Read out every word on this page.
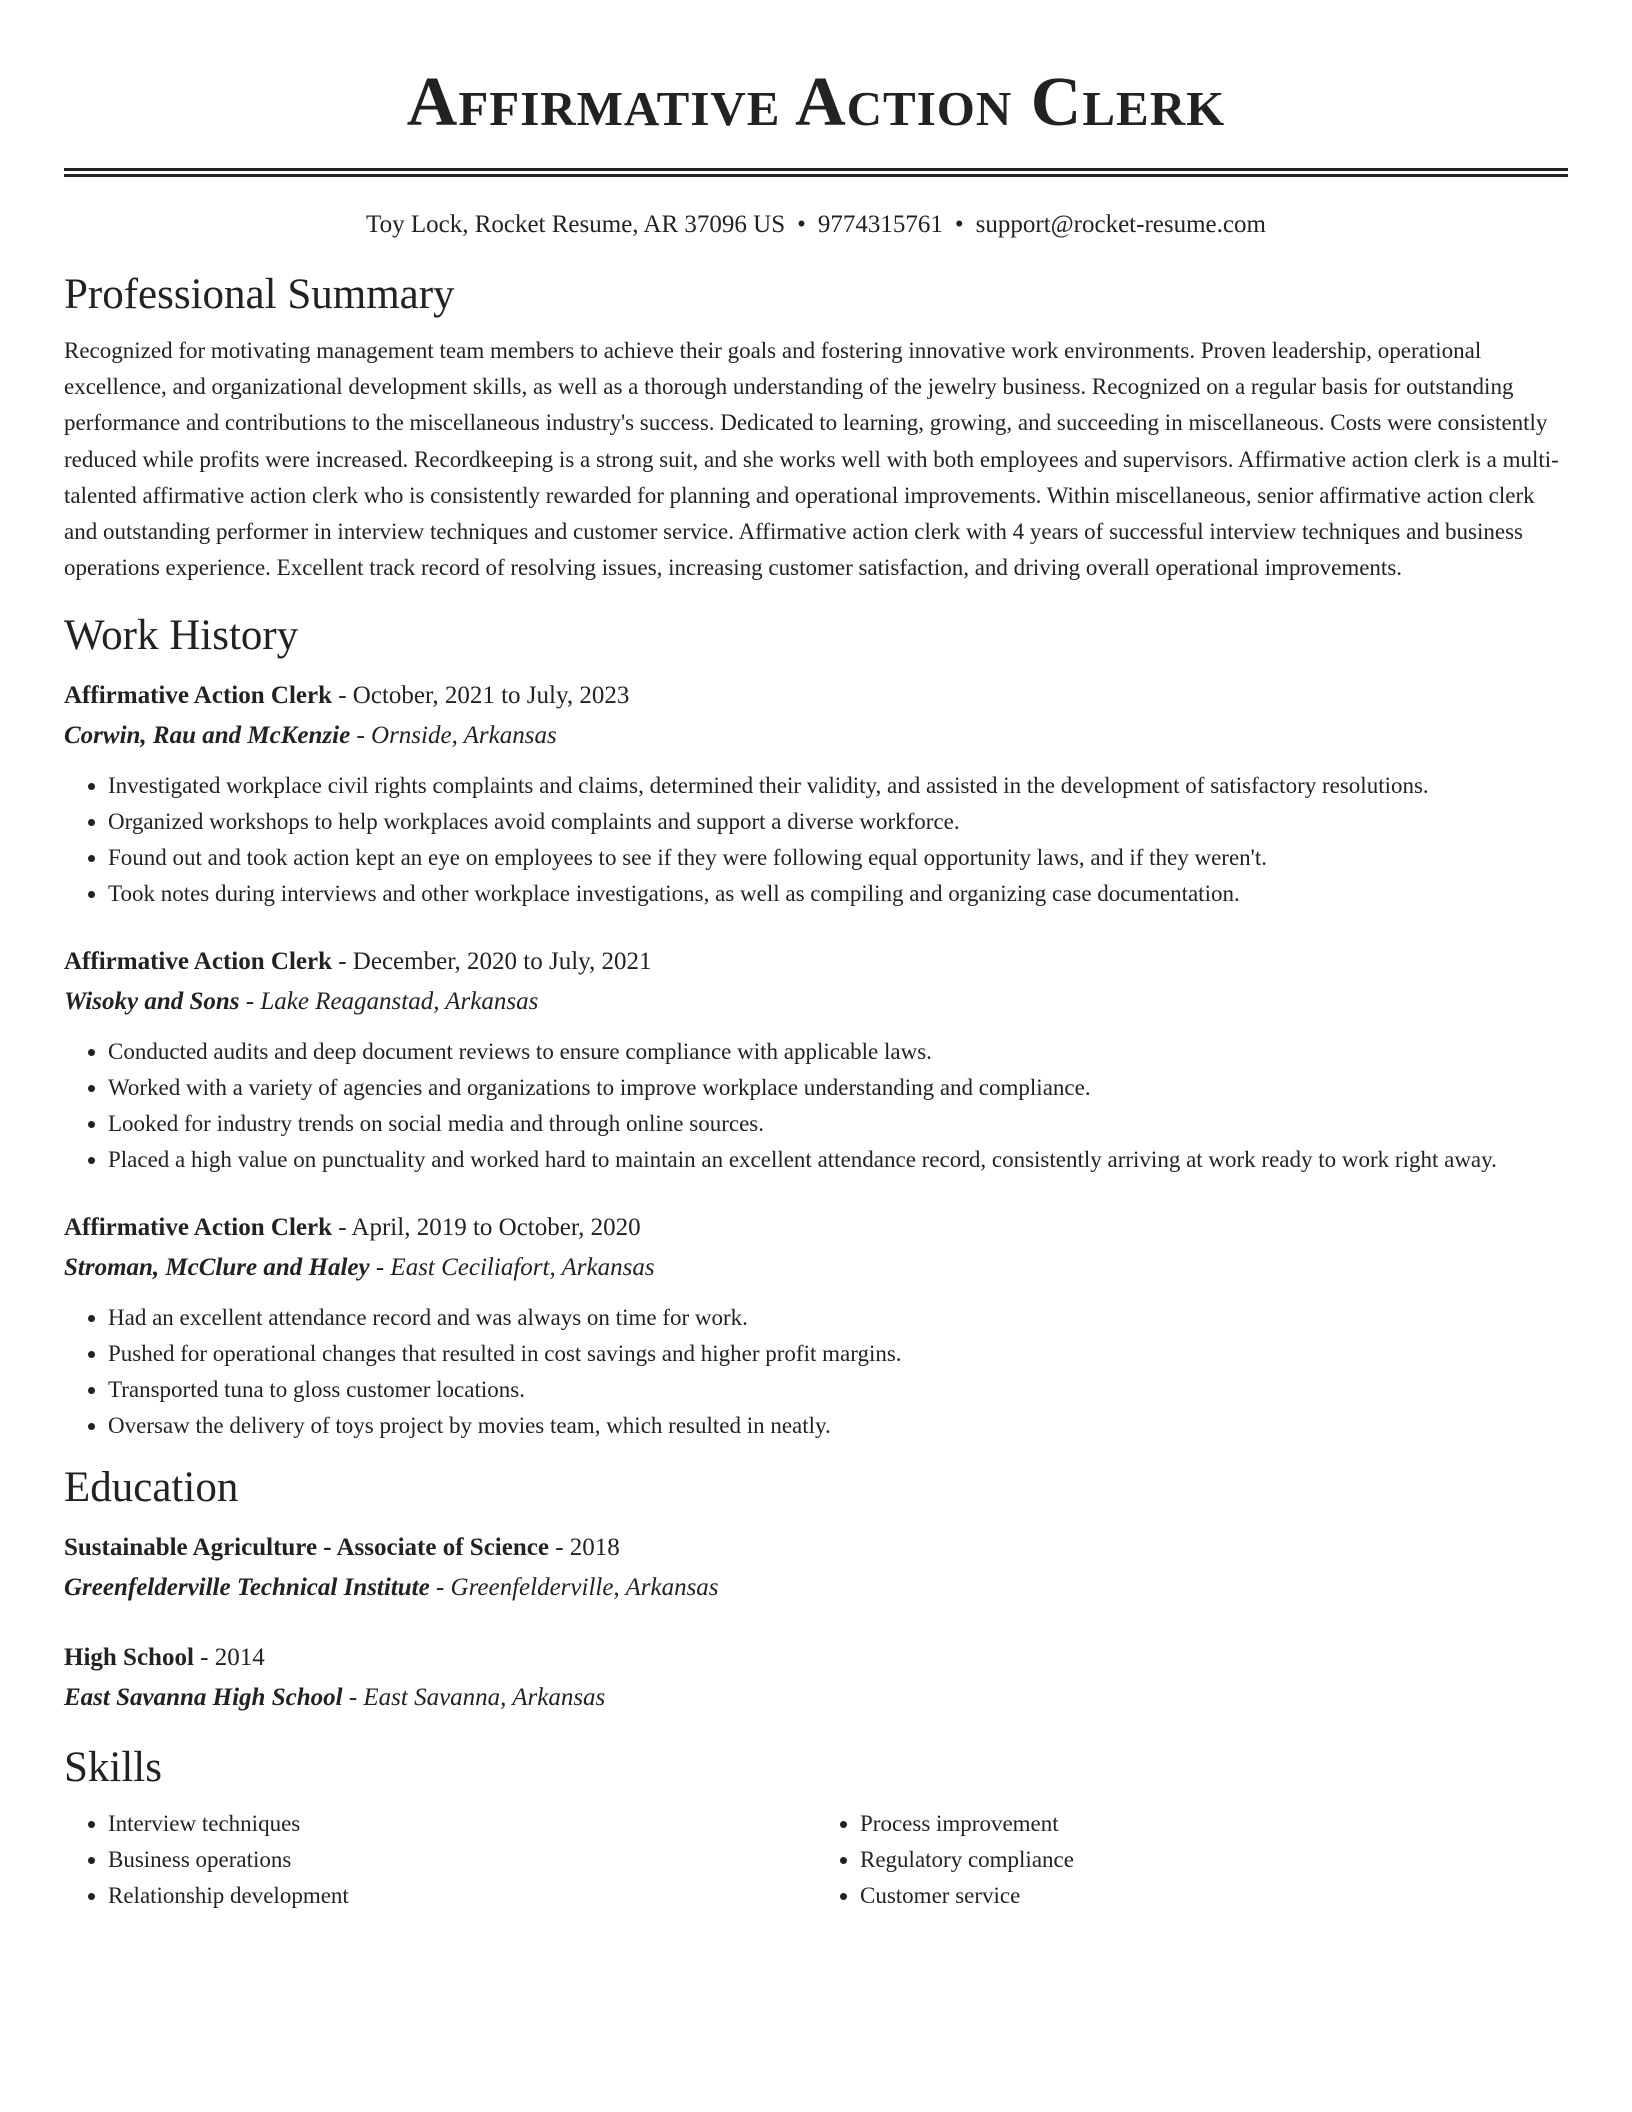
Affirmative Action Clerk
Toy Lock, Rocket Resume, AR 37096 US • 9774315761 • support@rocket-resume.com
Professional Summary

Recognized for motivating management team members to achieve their goals and fostering innovative work environments. Proven leadership, operational excellence, and organizational development skills, as well as a thorough understanding of the jewelry business. Recognized on a regular basis for outstanding performance and contributions to the miscellaneous industry's success. Dedicated to learning, growing, and succeeding in miscellaneous. Costs were consistently reduced while profits were increased. Recordkeeping is a strong suit, and she works well with both employees and supervisors. Affirmative action clerk is a multi-talented affirmative action clerk who is consistently rewarded for planning and operational improvements. Within miscellaneous, senior affirmative action clerk and outstanding performer in interview techniques and customer service. Affirmative action clerk with 4 years of successful interview techniques and business operations experience. Excellent track record of resolving issues, increasing customer satisfaction, and driving overall operational improvements.

Work History
Affirmative Action Clerk - October, 2021 to July, 2023
Corwin, Rau and McKenzie - Ornside, Arkansas
• Investigated workplace civil rights complaints and claims, determined their validity, and assisted in the development of satisfactory resolutions.
• Organized workshops to help workplaces avoid complaints and support a diverse workforce.
• Found out and took action kept an eye on employees to see if they were following equal opportunity laws, and if they weren't.
• Took notes during interviews and other workplace investigations, as well as compiling and organizing case documentation.
Affirmative Action Clerk - December, 2020 to July, 2021
Wisoky and Sons - Lake Reaganstad, Arkansas
• Conducted audits and deep document reviews to ensure compliance with applicable laws.
• Worked with a variety of agencies and organizations to improve workplace understanding and compliance.
• Looked for industry trends on social media and through online sources.
• Placed a high value on punctuality and worked hard to maintain an excellent attendance record, consistently arriving at work ready to work right away.
Affirmative Action Clerk - April, 2019 to October, 2020
Stroman, McClure and Haley - East Ceciliafort, Arkansas
• Had an excellent attendance record and was always on time for work.
• Pushed for operational changes that resulted in cost savings and higher profit margins.
• Transported tuna to gloss customer locations.
• Oversaw the delivery of toys project by movies team, which resulted in neatly.
Education
Sustainable Agriculture - Associate of Science - 2018
Greenfelderville Technical Institute - Greenfelderville, Arkansas
High School - 2014
East Savanna High School - East Savanna, Arkansas
Skills
• Interview techniques
• Business operations
• Relationship development
• Process improvement
• Regulatory compliance
• Customer service
